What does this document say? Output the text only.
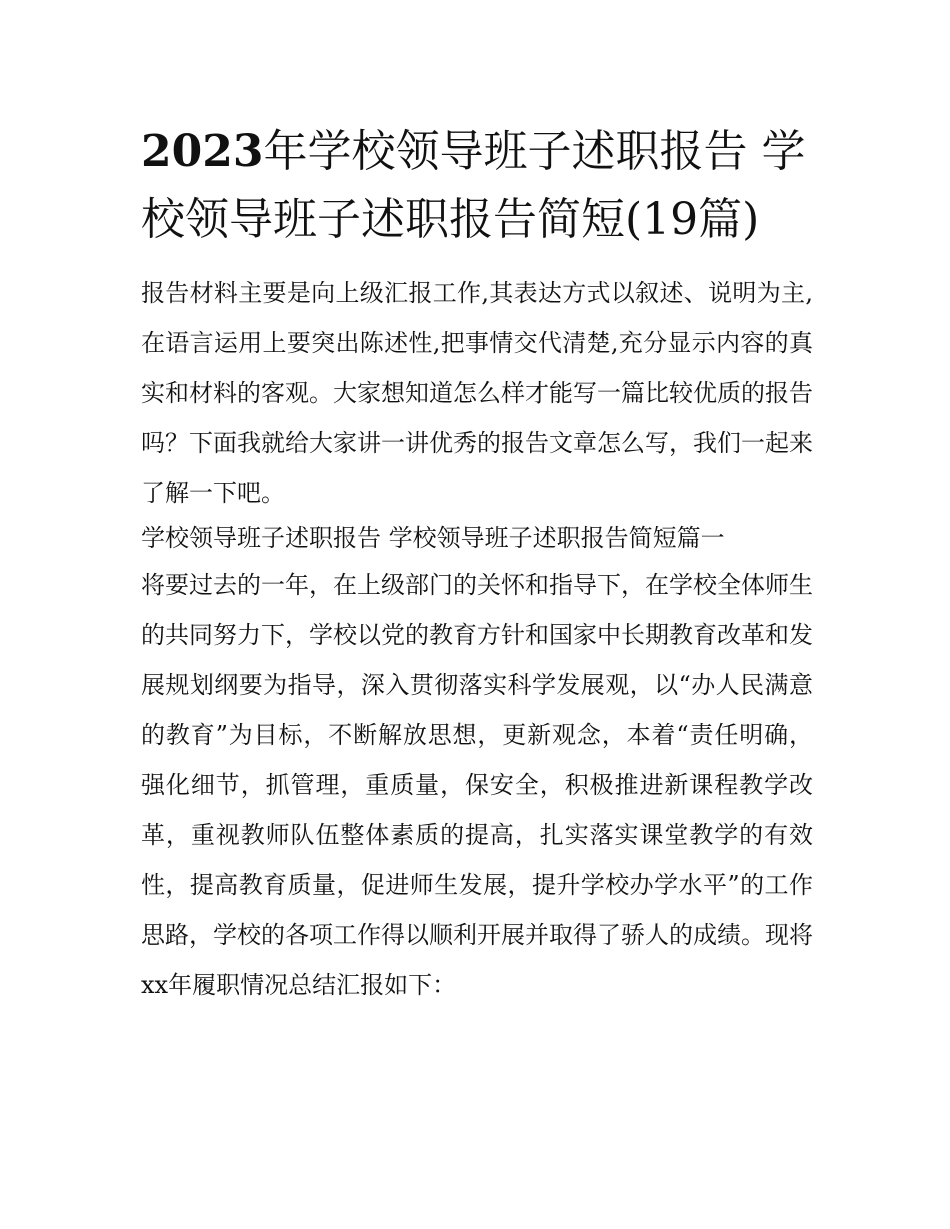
2023年学校领导班子述职报告 学校领导班子述职报告简短(19篇)

报告材料主要是向上级汇报工作,其表达方式以叙述、说明为主,在语言运用上要突出陈述性,把事情交代清楚,充分显示内容的真实和材料的客观。大家想知道怎么样才能写一篇比较优质的报告吗？下面我就给大家讲一讲优秀的报告文章怎么写，我们一起来了解一下吧。

学校领导班子述职报告 学校领导班子述职报告简短篇一

将要过去的一年，在上级部门的关怀和指导下，在学校全体师生的共同努力下，学校以党的教育方针和国家中长期教育改革和发展规划纲要为指导，深入贯彻落实科学发展观，以“办人民满意的教育”为目标，不断解放思想，更新观念，本着“责任明确，强化细节，抓管理，重质量，保安全，积极推进新课程教学改革，重视教师队伍整体素质的提高，扎实落实课堂教学的有效性，提高教育质量，促进师生发展，提升学校办学水平”的工作思路，学校的各项工作得以顺利开展并取得了骄人的成绩。现将xx年履职情况总结汇报如下：
